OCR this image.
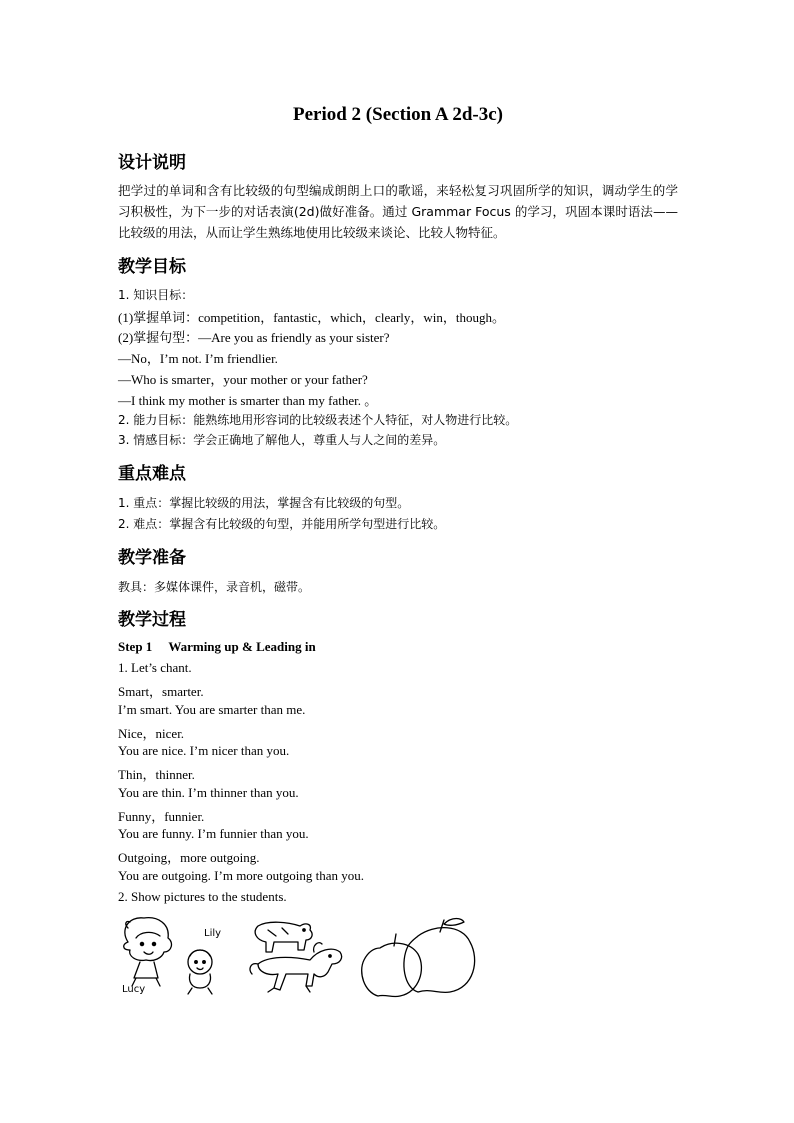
Period 2 (Section A 2d-3c)
设计说明
把学过的单词和含有比较级的句型编成朗朗上口的歌谣，来轻松复习巩固所学的知识，调动学生的学习积极性，为下一步的对话表演(2d)做好准备。通过 Grammar Focus 的学习，巩固本课时语法——比较级的用法，从而让学生熟练地使用比较级来谈论、比较人物特征。
教学目标
1. 知识目标：
(1)掌握单词：competition，fantastic，which，clearly，win，though。
(2)掌握句型：—Are you as friendly as your sister?
—No，I’m not. I’m friendlier.
—Who is smarter，your mother or your father?
—I think my mother is smarter than my father. 。
2. 能力目标：能熟练地用形容词的比较级表述个人特征，对人物进行比较。
3. 情感目标：学会正确地了解他人，尊重人与人之间的差异。
重点难点
1. 重点：掌握比较级的用法，掌握含有比较级的句型。
2. 难点：掌握含有比较级的句型，并能用所学句型进行比较。
教学准备
教具：多媒体课件，录音机，磁带。
教学过程
Step 1 Warming up & Leading in
1. Let’s chant.
Smart，smarter.
I’m smart. You are smarter than me.
Nice，nicer.
You are nice. I’m nicer than you.
Thin，thinner.
You are thin. I’m thinner than you.
Funny，funnier.
You are funny. I’m funnier than you.
Outgoing，more outgoing.
You are outgoing. I’m more outgoing than you.
2. Show pictures to the students.
Lucy
Lily
